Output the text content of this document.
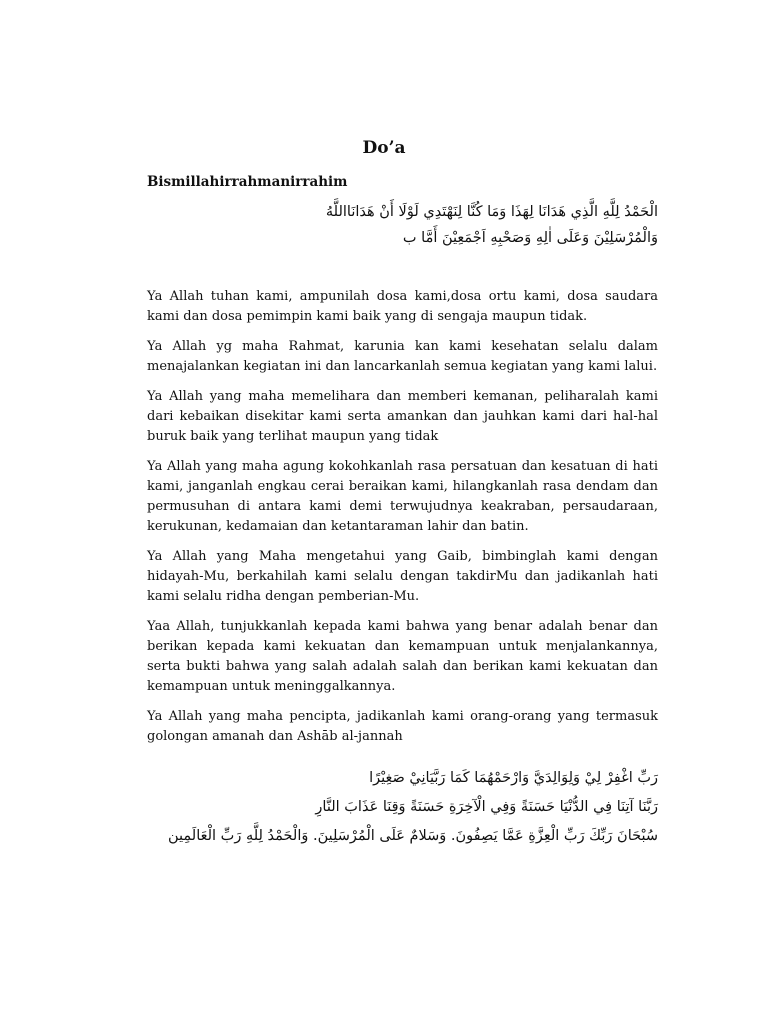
Do’a

Bismillahirrahmanirrahim

الْحَمْدُ لِلَّهِ الَّذِي هَدَانَا لِهَذَا وَمَا كُنَّا لِنَهْتَدِي لَوْلَا أَنْ هَدَانَااللَّهُ

وَالْمُرْسَلِيْنَ وَعَلَى اٰلِهِ وَصَحْبِهِ اَجْمَعِيْنَ أَمَّا ب

Ya Allah tuhan kami, ampunilah dosa kami,dosa ortu kami, dosa saudara kami dan dosa pemimpin kami baik yang di sengaja maupun tidak.

Ya Allah yg maha Rahmat, karunia kan kami kesehatan selalu dalam menajalankan kegiatan ini dan lancarkanlah semua kegiatan yang kami lalui.

Ya Allah yang maha memelihara dan memberi kemanan, peliharalah kami dari kebaikan disekitar kami serta amankan dan jauhkan kami dari hal-hal buruk baik yang terlihat maupun yang tidak

Ya Allah yang maha agung kokohkanlah rasa persatuan dan kesatuan di hati kami, janganlah engkau cerai beraikan kami, hilangkanlah rasa dendam dan permusuhan di antara kami demi terwujudnya keakraban, persaudaraan, kerukunan, kedamaian dan ketantaraman lahir dan batin.

Ya Allah yang Maha mengetahui yang Gaib, bimbinglah kami dengan hidayah-Mu, berkahilah kami selalu dengan takdirMu dan jadikanlah hati kami selalu ridha dengan pemberian-Mu.

Yaa Allah, tunjukkanlah kepada kami bahwa yang benar adalah benar dan berikan kepada kami kekuatan dan kemampuan untuk menjalankannya, serta bukti bahwa yang salah adalah salah dan berikan kami kekuatan dan kemampuan untuk meninggalkannya.

Ya Allah yang maha pencipta, jadikanlah kami orang-orang yang termasuk golongan amanah dan Ashāb al-jannah

رَبِّ اغْفِرْ لِيْ وَلِوَالِدَيَّ وَارْحَمْهُمَا كَمَا رَبَّيَانِيْ صَغِيْرًا

رَبَّنَا آتِنَا فِي الدُّنْيَا حَسَنَةً وَفِي الْآخِرَةِ حَسَنَةً وَقِنَا عَذَابَ النَّارِ

سُبْحَانَ رَبِّكَ رَبِّ الْعِزَّةِ عَمَّا يَصِفُونَ. وَسَلامٌ عَلَى الْمُرْسَلِينَ. وَالْحَمْدُ لِلَّهِ رَبِّ الْعَالَمِين
